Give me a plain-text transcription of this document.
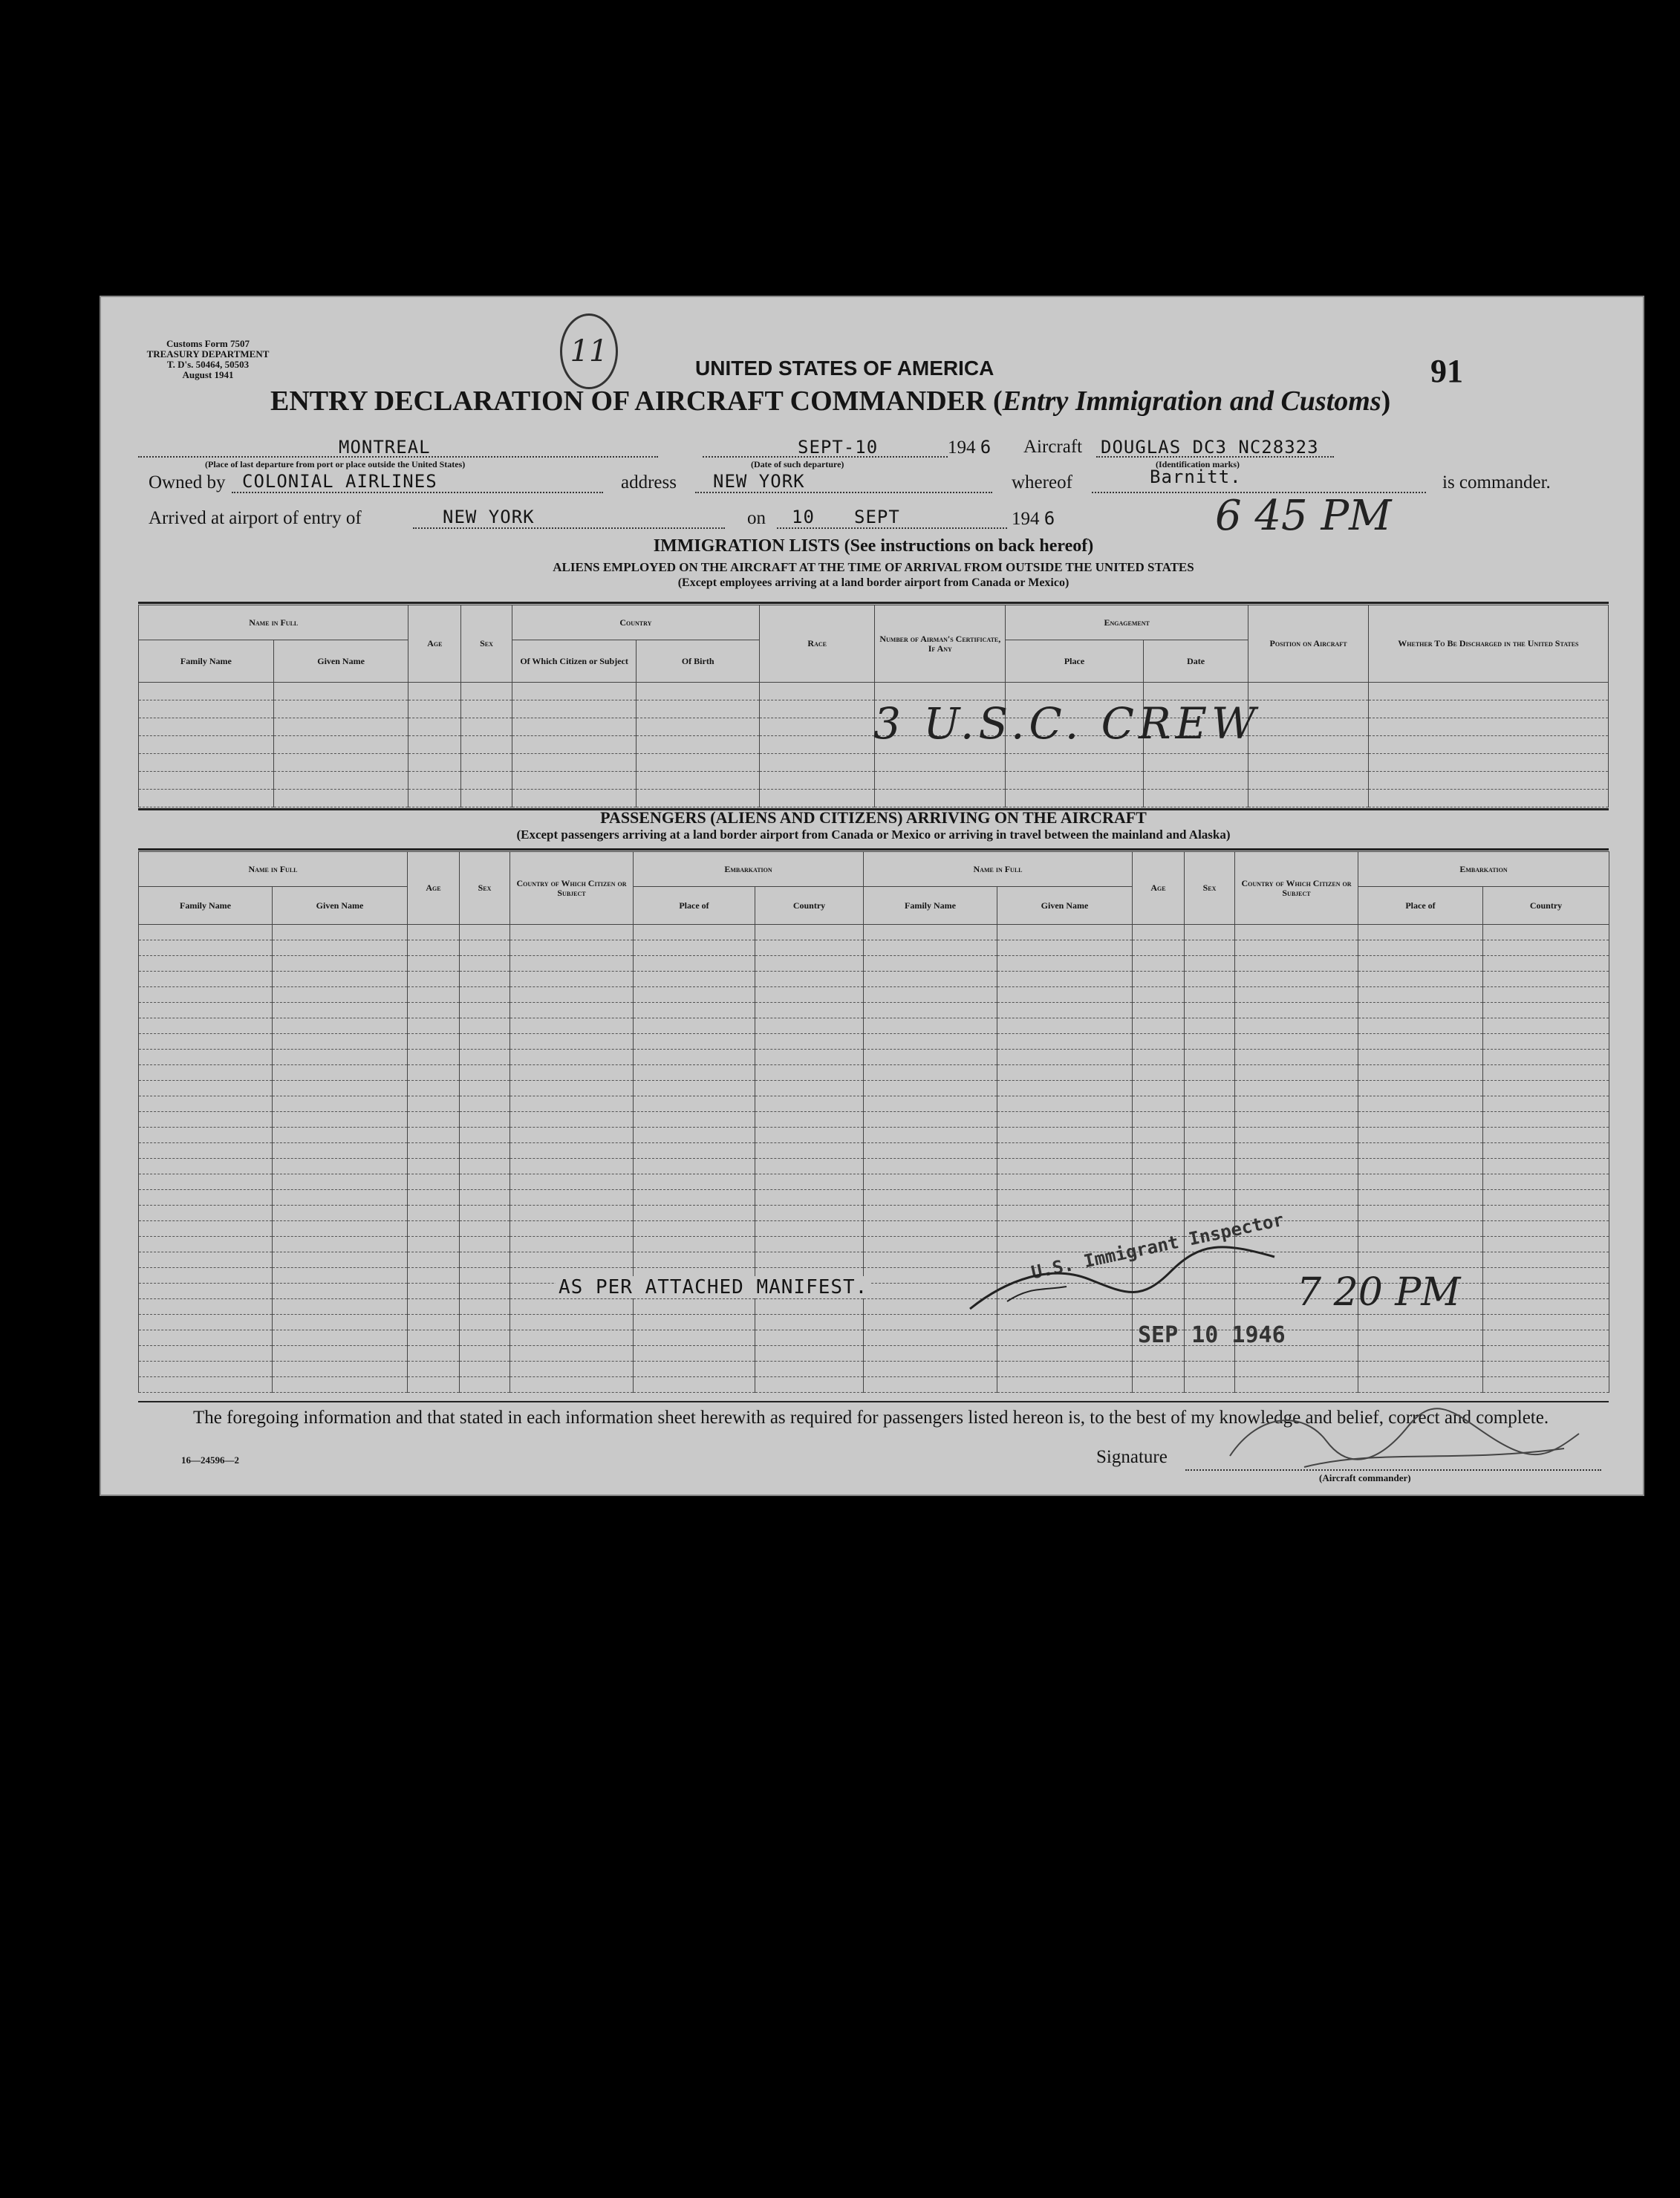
Customs Form 7507
TREASURY DEPARTMENT
T. D's. 50464, 50503
August 1941
11	UNITED STATES OF AMERICA	91
ENTRY DECLARATION OF AIRCRAFT COMMANDER (Entry Immigration and Customs)
MONTREAL
(Place of last departure from port or place outside the United States)
SEPT-10	194 6
(Date of such departure)
Aircraft DOUGLAS DC3 NC28323
(Identification marks)
Owned by COLONIAL AIRLINES	address NEW YORK	whereof	Barnitt.	is commander.
Arrived at airport of entry of	NEW YORK	on 10 SEPT	194 6	6 45 PM
IMMIGRATION LISTS (See instructions on back hereof)
ALIENS EMPLOYED ON THE AIRCRAFT AT THE TIME OF ARRIVAL FROM OUTSIDE THE UNITED STATES
(Except employees arriving at a land border airport from Canada or Mexico)
Name in Full		Age	Sex	Country		Race	Number of Airman's Certificate, If Any	Engagement		Position on Aircraft	Whether To Be Discharged in the United States
Family Name	Given Name			Of Which Citizen or Subject	Of Birth			Place	Date		

3 U.S.C. CREW
PASSENGERS (ALIENS AND CITIZENS) ARRIVING ON THE AIRCRAFT
(Except passengers arriving at a land border airport from Canada or Mexico or arriving in travel between the mainland and Alaska)
Name in Full		Age	Sex	Country of Which Citizen or Subject	Embarkation		Name in Full		Age	Sex	Country of Which Citizen or Subject	Embarkation	
Family Name	Given Name				Place of	Country	Family Name	Given Name				Place of	Country

AS PER ATTACHED MANIFEST.
U.S. Immigrant Inspector
SEP 10 1946
7 20 PM
The foregoing information and that stated in each information sheet herewith as required for passengers listed hereon is, to the best of my knowledge and belief, correct and complete.
16—24596—2	Signature
(Aircraft commander)
